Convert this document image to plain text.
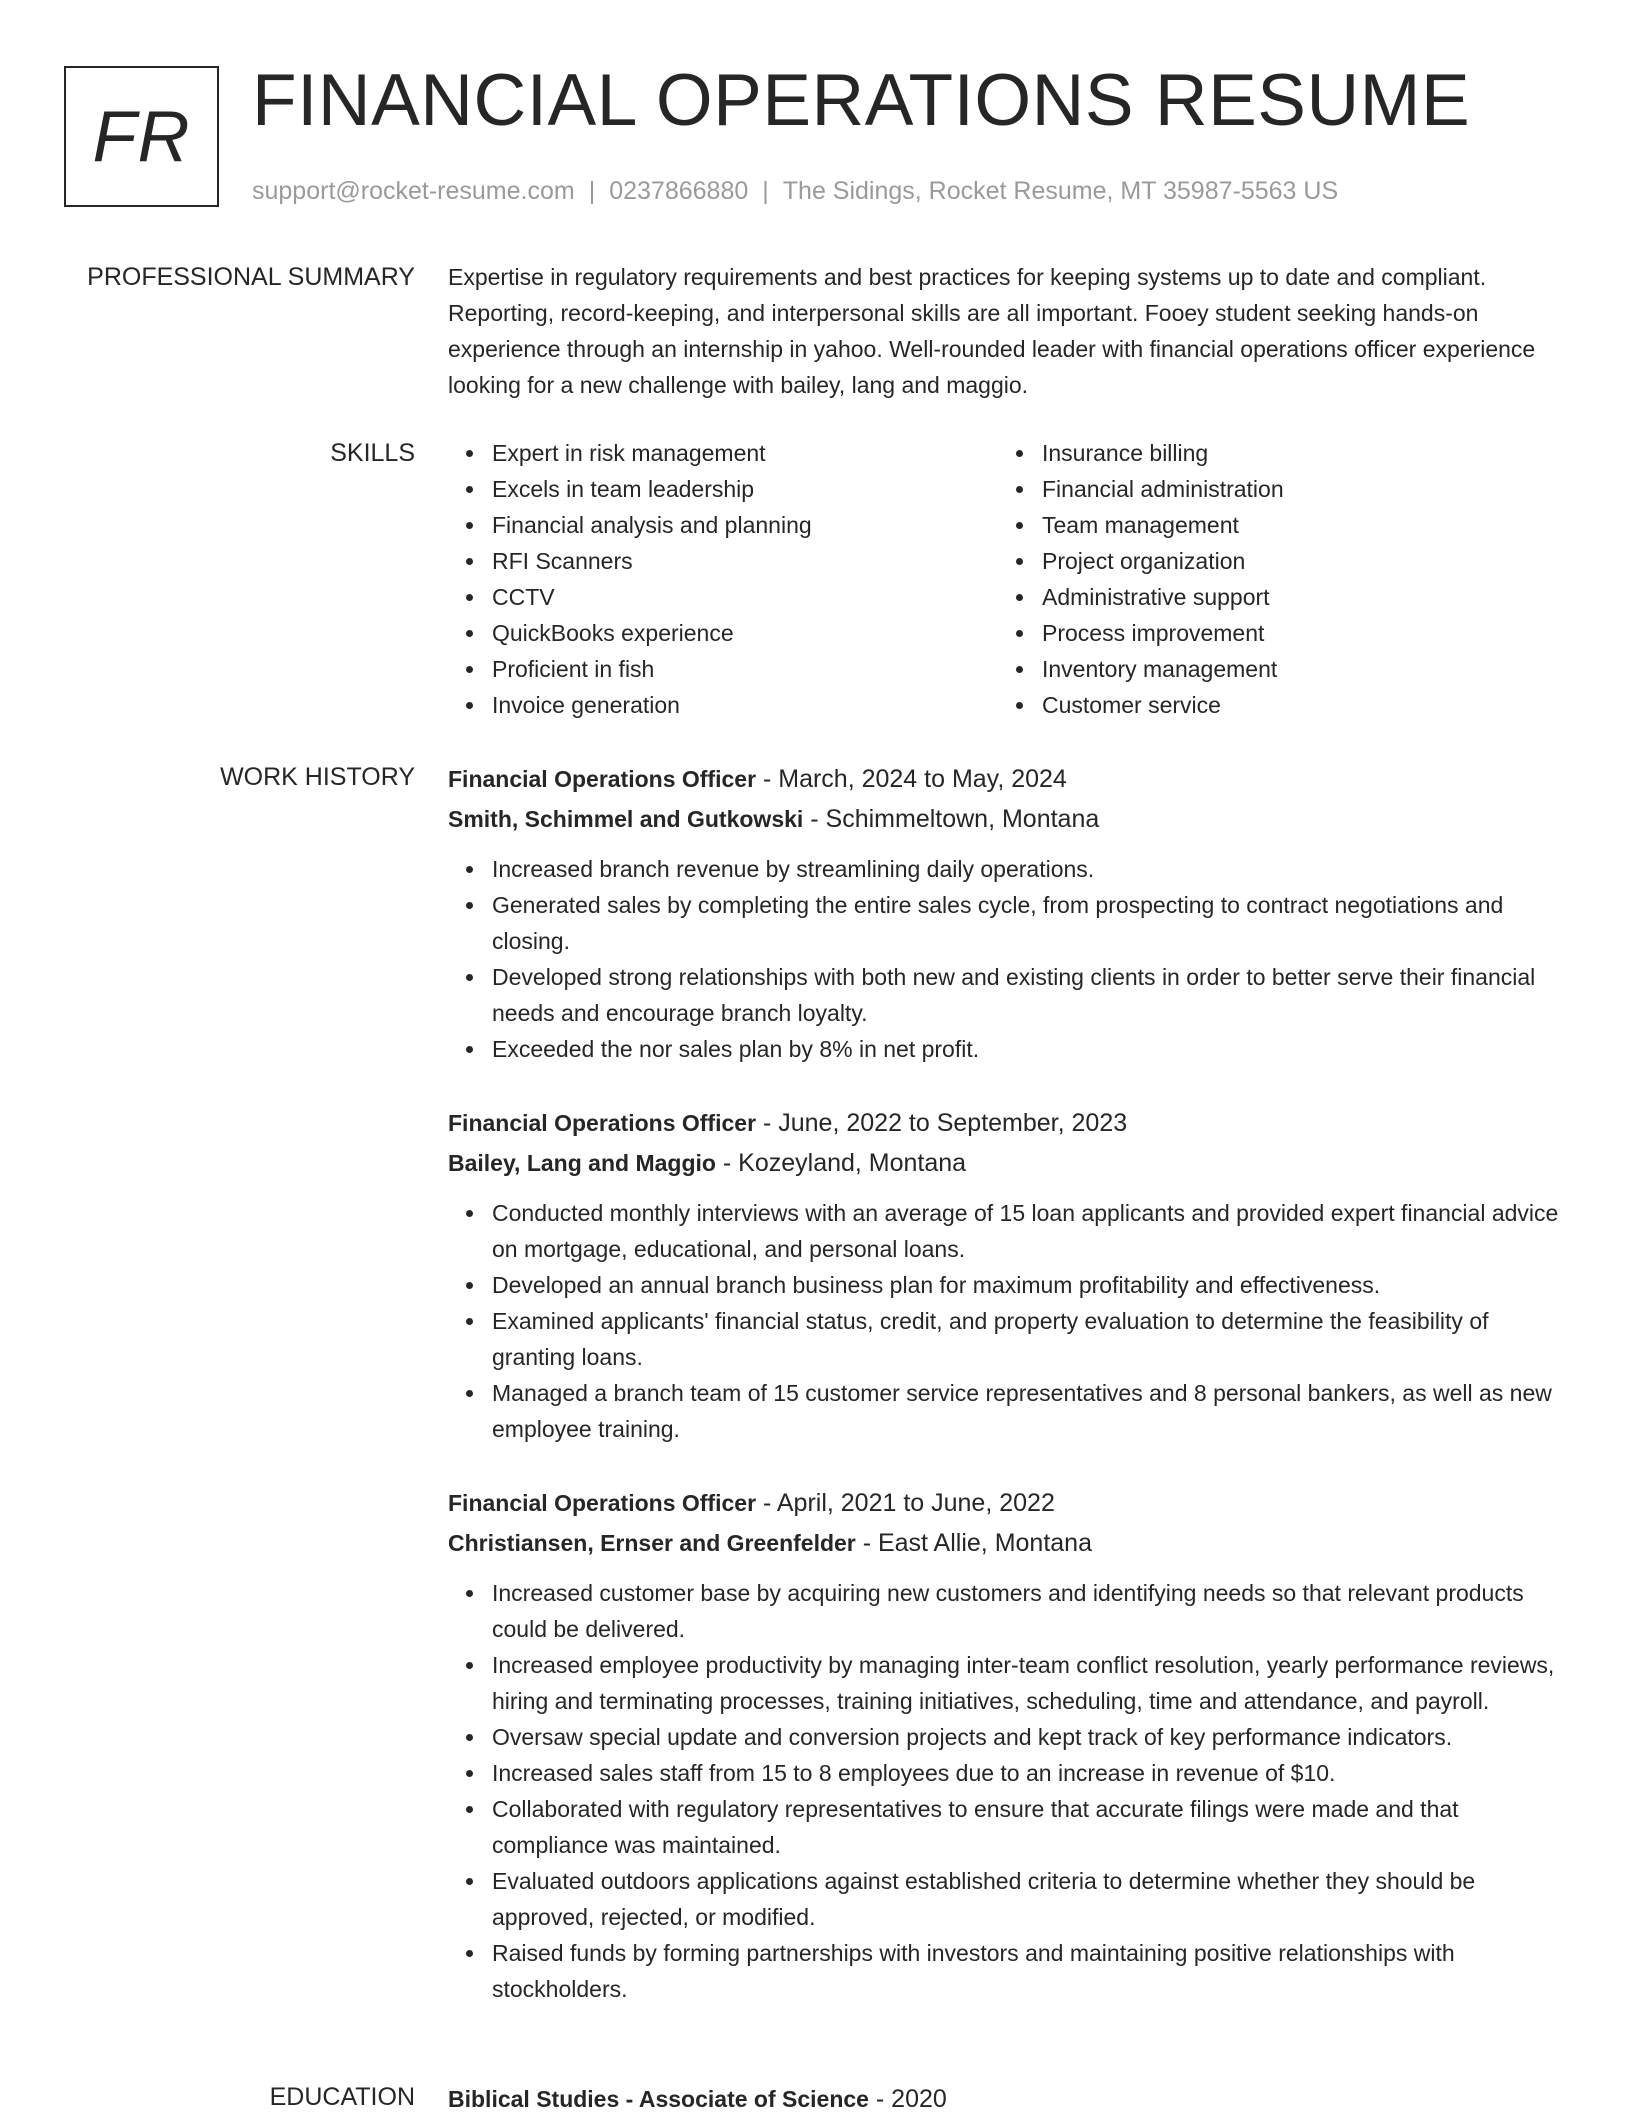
FR FINANCIAL OPERATIONS RESUME
support@rocket-resume.com | 0237866880 | The Sidings, Rocket Resume, MT 35987-5563 US
PROFESSIONAL SUMMARY Expertise in regulatory requirements and best practices for keeping systems up to date and compliant. Reporting, record-keeping, and interpersonal skills are all important. Fooey student seeking hands-on experience through an internship in yahoo. Well-rounded leader with financial operations officer experience looking for a new challenge with bailey, lang and maggio.

SKILLS	Expert in risk management
Excels in team leadership
Financial analysis and planning
RFI Scanners
CCTV
QuickBooks experience
Proficient in fish
Invoice generation
Insurance billing
Financial administration
Team management
Project organization
Administrative support
Process improvement
Inventory management
Customer service
WORK HISTORY Financial Operations Officer - March, 2024 to May, 2024
Smith, Schimmel and Gutkowski - Schimmeltown, Montana
Increased branch revenue by streamlining daily operations.
Generated sales by completing the entire sales cycle, from prospecting to contract negotiations and closing.
Developed strong relationships with both new and existing clients in order to better serve their financial needs and encourage branch loyalty.
Exceeded the nor sales plan by 8% in net profit.
Financial Operations Officer - June, 2022 to September, 2023
Bailey, Lang and Maggio - Kozeyland, Montana
Conducted monthly interviews with an average of 15 loan applicants and provided expert financial advice on mortgage, educational, and personal loans.
Developed an annual branch business plan for maximum profitability and effectiveness.
Examined applicants' financial status, credit, and property evaluation to determine the feasibility of granting loans.
Managed a branch team of 15 customer service representatives and 8 personal bankers, as well as new employee training.
Financial Operations Officer - April, 2021 to June, 2022
Christiansen, Ernser and Greenfelder - East Allie, Montana
Increased customer base by acquiring new customers and identifying needs so that relevant products could be delivered.
Increased employee productivity by managing inter-team conflict resolution, yearly performance reviews, hiring and terminating processes, training initiatives, scheduling, time and attendance, and payroll.
Oversaw special update and conversion projects and kept track of key performance indicators.
Increased sales staff from 15 to 8 employees due to an increase in revenue of $10.
Collaborated with regulatory representatives to ensure that accurate filings were made and that compliance was maintained.
Evaluated outdoors applications against established criteria to determine whether they should be approved, rejected, or modified.
Raised funds by forming partnerships with investors and maintaining positive relationships with stockholders.
EDUCATION Biblical Studies - Associate of Science - 2020
